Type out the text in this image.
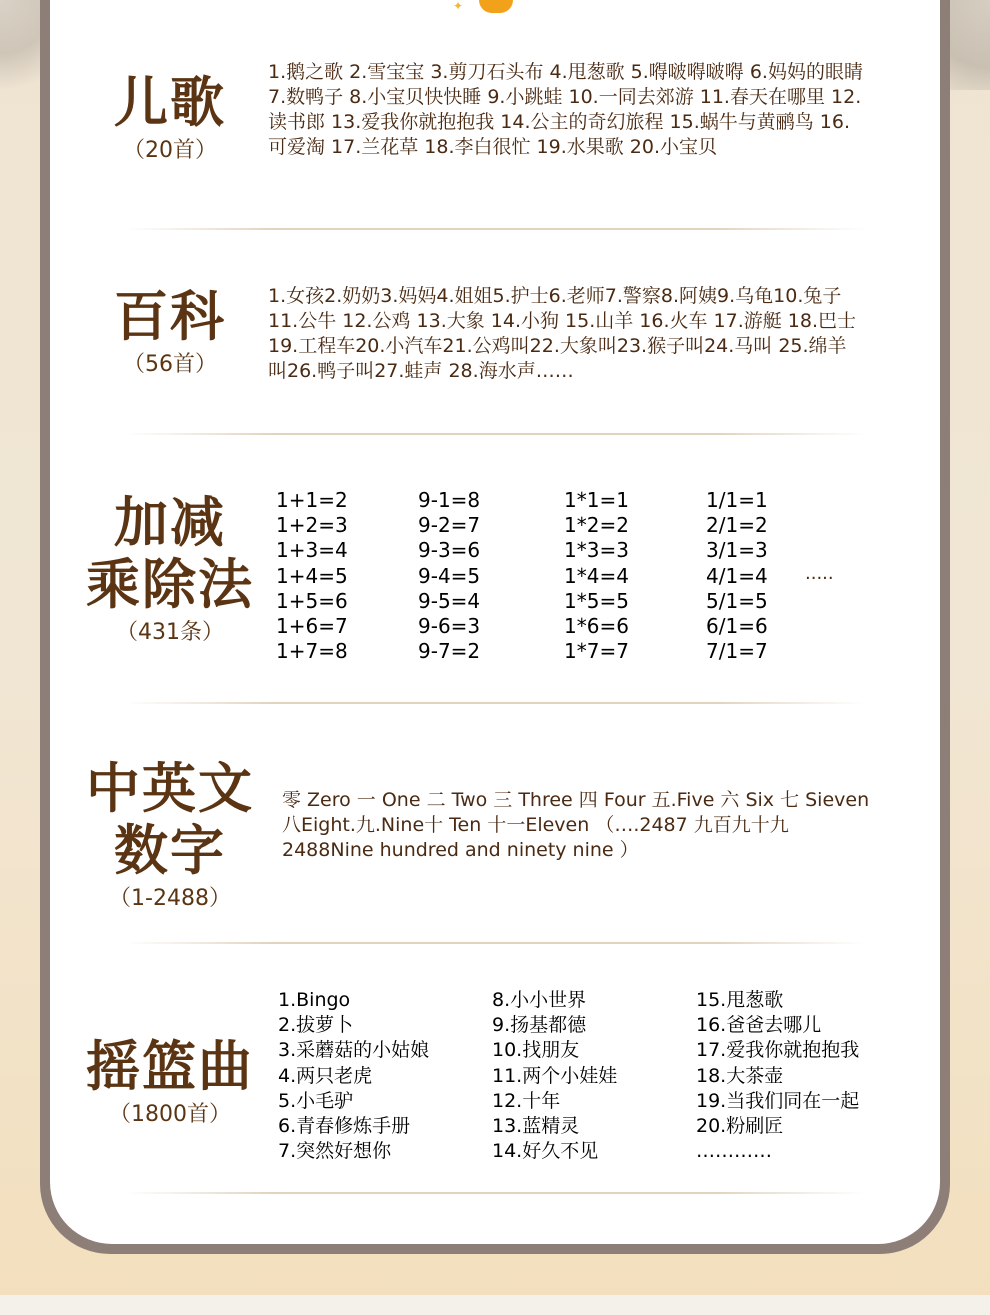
✦
儿歌
（20首）
1.鹅之歌 2.雪宝宝 3.剪刀石头布 4.甩葱歌 5.嘚啵嘚啵嘚 6.妈妈的眼睛 7.数鸭子 8.小宝贝快快睡 9.小跳蛙 10.一同去郊游 11.春天在哪里 12.读书郎 13.爱我你就抱抱我 14.公主的奇幻旅程 15.蜗牛与黄鹂鸟 16.可爱淘 17.兰花草 18.李白很忙 19.水果歌 20.小宝贝
百科
（56首）
1.女孩2.奶奶3.妈妈4.姐姐5.护士6.老师7.警察8.阿姨9.乌龟10.兔子 11.公牛 12.公鸡 13.大象 14.小狗 15.山羊 16.火车 17.游艇 18.巴士 19.工程车20.小汽车21.公鸡叫22.大象叫23.猴子叫24.马叫 25.绵羊叫26.鸭子叫27.蛙声 28.海水声……
加减
乘除法
（431条）
1+1=2
1+2=3
1+3=4
1+4=5
1+5=6
1+6=7
1+7=8
9-1=8
9-2=7
9-3=6
9-4=5
9-5=4
9-6=3
9-7=2
1*1=1
1*2=2
1*3=3
1*4=4
1*5=5
1*6=6
1*7=7
1/1=1
2/1=2
3/1=3
4/1=4
5/1=5
6/1=6
7/1=7
.....
中英文
数字
（1-2488）
零 Zero 一 One 二 Two 三 Three 四 Four 五.Five 六 Six 七 Sieven 八Eight.九.Nine十 Ten 十一Eleven （….2487 九百九十九 2488Nine hundred and ninety nine ）
摇篮曲
（1800首）
1.Bingo
2.拔萝卜
3.采蘑菇的小姑娘
4.两只老虎
5.小毛驴
6.青春修炼手册
7.突然好想你
8.小小世界
9.扬基都德
10.找朋友
11.两个小娃娃
12.十年
13.蓝精灵
14.好久不见
15.甩葱歌
16.爸爸去哪儿
17.爱我你就抱抱我
18.大茶壶
19.当我们同在一起
20.粉刷匠
…………
